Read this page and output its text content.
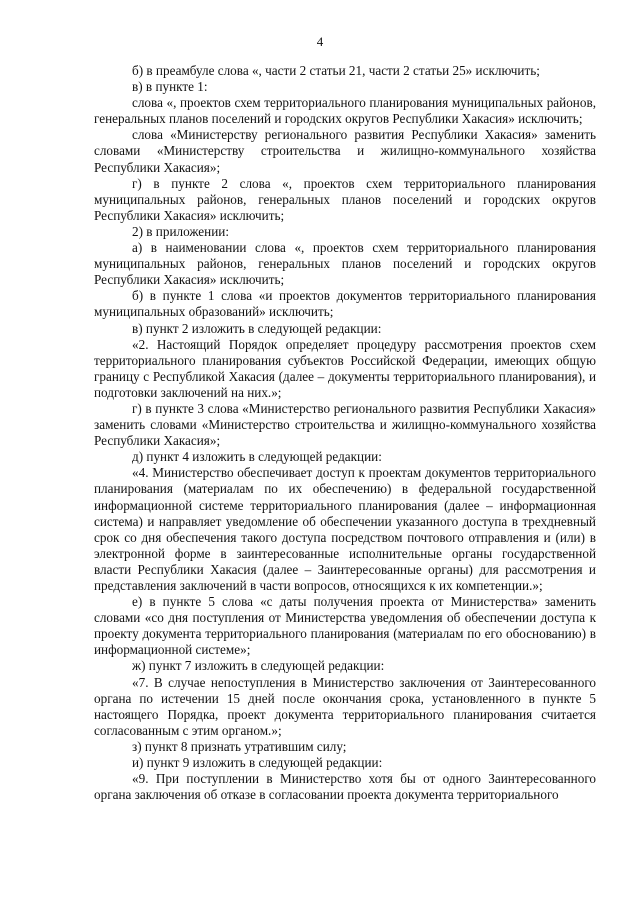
4

б) в преамбуле слова «, части 2 статьи 21, части 2 статьи 25» исключить;

в) в пункте 1:

слова «, проектов схем территориального планирования муниципальных районов, генеральных планов поселений и городских округов Республики Хакасия» исключить;

слова «Министерству регионального развития Республики Хакасия» заменить словами «Министерству строительства и жилищно-коммунального хозяйства Республики Хакасия»;

г) в пункте 2 слова «, проектов схем территориального планирования муниципальных районов, генеральных планов поселений и городских округов Республики Хакасия» исключить;

2) в приложении:

а) в наименовании слова «, проектов схем территориального планирования муниципальных районов, генеральных планов поселений и городских округов Республики Хакасия» исключить;

б) в пункте 1 слова «и проектов документов территориального планирования муниципальных образований» исключить;

в) пункт 2 изложить в следующей редакции:

«2. Настоящий Порядок определяет процедуру рассмотрения проектов схем территориального планирования субъектов Российской Федерации, имеющих общую границу с Республикой Хакасия (далее – документы территориального планирования), и подготовки заключений на них.»;

г) в пункте 3 слова «Министерство регионального развития Республики Хакасия» заменить словами «Министерство строительства и жилищно-коммунального хозяйства Республики Хакасия»;

д) пункт 4 изложить в следующей редакции:

«4. Министерство обеспечивает доступ к проектам документов территориального планирования (материалам по их обеспечению) в федеральной государственной информационной системе территориального планирования (далее – информационная система) и направляет уведомление об обеспечении указанного доступа в трехдневный срок со дня обеспечения такого доступа посредством почтового отправления и (или) в электронной форме в заинтересованные исполнительные органы государственной власти Республики Хакасия (далее – Заинтересованные органы) для рассмотрения и представления заключений в части вопросов, относящихся к их компетенции.»;

е) в пункте 5 слова «с даты получения проекта от Министерства» заменить словами «со дня поступления от Министерства уведомления об обеспечении доступа к проекту документа территориального планирования (материалам по его обоснованию) в информационной системе»;

ж) пункт 7 изложить в следующей редакции:

«7. В случае непоступления в Министерство заключения от Заинтересованного органа по истечении 15 дней после окончания срока, установленного в пункте 5 настоящего Порядка, проект документа территориального планирования считается согласованным с этим органом.»;

з) пункт 8 признать утратившим силу;

и) пункт 9 изложить в следующей редакции:

«9. При поступлении в Министерство хотя бы от одного Заинтересованного органа заключения об отказе в согласовании проекта документа территориального
